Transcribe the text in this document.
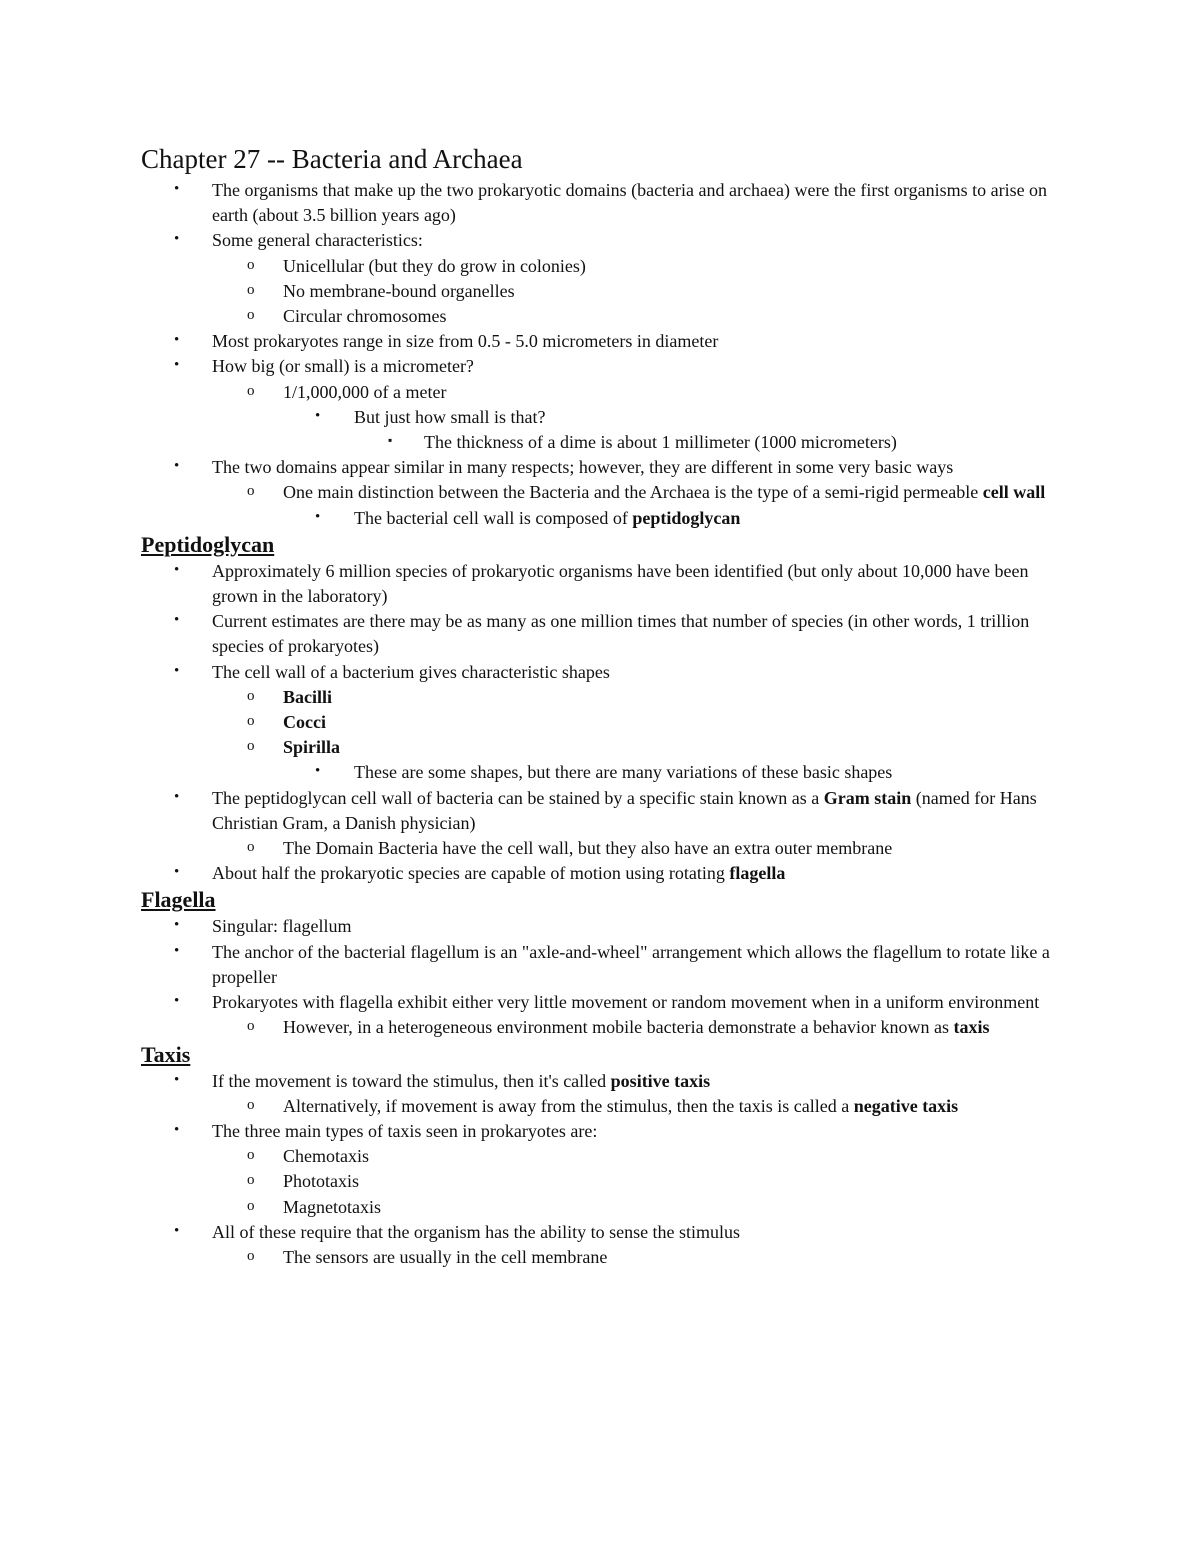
Chapter 27 -- Bacteria and Archaea
• The organisms that make up the two prokaryotic domains (bacteria and archaea) were the first organisms to arise on earth (about 3.5 billion years ago)
• Some general characteristics:
o Unicellular (but they do grow in colonies)
o No membrane-bound organelles
o Circular chromosomes
• Most prokaryotes range in size from 0.5 - 5.0 micrometers in diameter
• How big (or small) is a micrometer?
o 1/1,000,000 of a meter
• But just how small is that?
▪ The thickness of a dime is about 1 millimeter (1000 micrometers)
• The two domains appear similar in many respects; however, they are different in some very basic ways
o One main distinction between the Bacteria and the Archaea is the type of a semi-rigid permeable cell wall
• The bacterial cell wall is composed of peptidoglycan
Peptidoglycan
• Approximately 6 million species of prokaryotic organisms have been identified (but only about 10,000 have been grown in the laboratory)
• Current estimates are there may be as many as one million times that number of species (in other words, 1 trillion species of prokaryotes)
• The cell wall of a bacterium gives characteristic shapes
o Bacilli
o Cocci
o Spirilla
• These are some shapes, but there are many variations of these basic shapes
• The peptidoglycan cell wall of bacteria can be stained by a specific stain known as a Gram stain (named for Hans Christian Gram, a Danish physician)
o The Domain Bacteria have the cell wall, but they also have an extra outer membrane
• About half the prokaryotic species are capable of motion using rotating flagella
Flagella
• Singular: flagellum
• The anchor of the bacterial flagellum is an "axle-and-wheel" arrangement which allows the flagellum to rotate like a propeller
• Prokaryotes with flagella exhibit either very little movement or random movement when in a uniform environment
o However, in a heterogeneous environment mobile bacteria demonstrate a behavior known as taxis
Taxis
• If the movement is toward the stimulus, then it's called positive taxis
o Alternatively, if movement is away from the stimulus, then the taxis is called a negative taxis
• The three main types of taxis seen in prokaryotes are:
o Chemotaxis
o Phototaxis
o Magnetotaxis
• All of these require that the organism has the ability to sense the stimulus
o The sensors are usually in the cell membrane
